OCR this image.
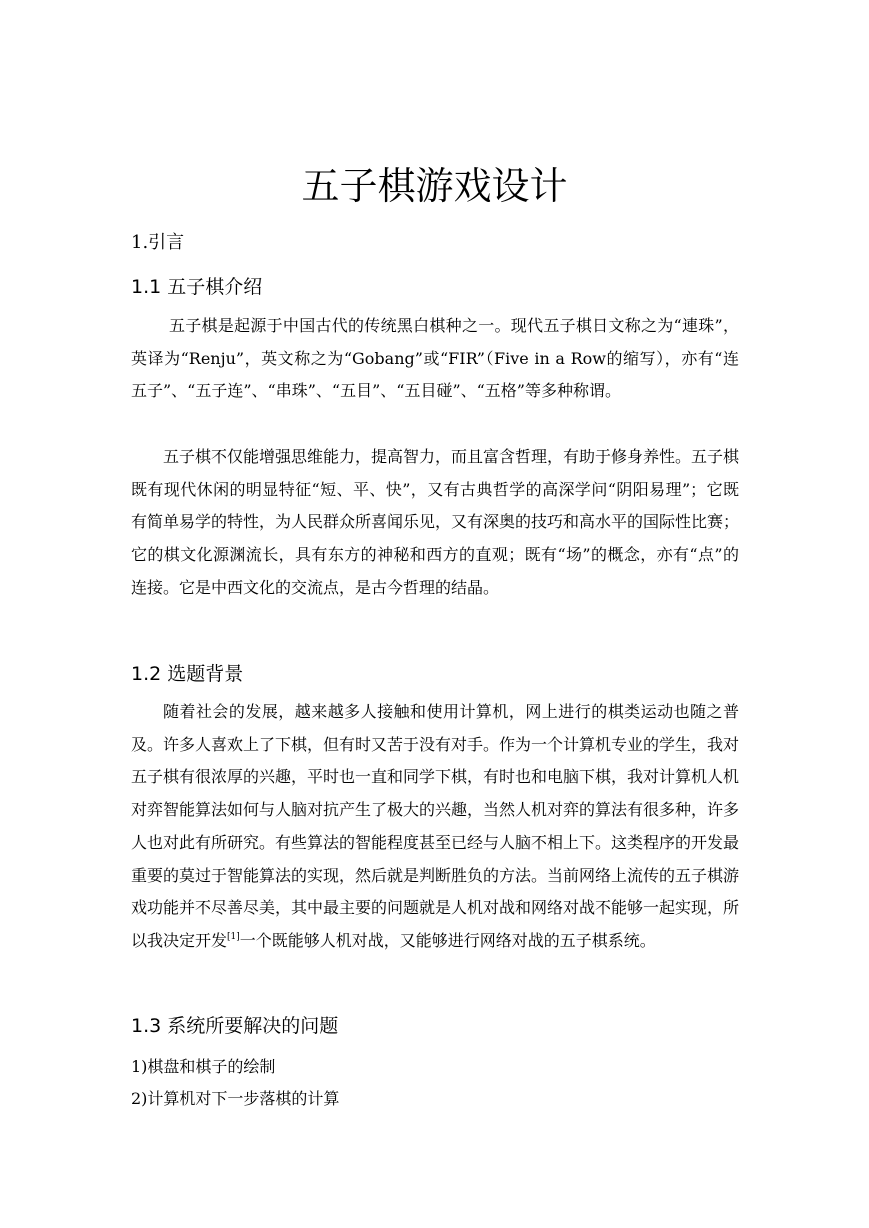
五子棋游戏设计
1.引言
1.1 五子棋介绍

五子棋是起源于中国古代的传统黑白棋种之一。现代五子棋日文称之为“連珠”，英译为“Renju”，英文称之为“Gobang”或“FIR”（Five in a Row的缩写），亦有“连五子”、“五子连”、“串珠”、“五目”、“五目碰”、“五格”等多种称谓。

五子棋不仅能增强思维能力，提高智力，而且富含哲理，有助于修身养性。五子棋既有现代休闲的明显特征“短、平、快”，又有古典哲学的高深学问“阴阳易理”；它既有简单易学的特性，为人民群众所喜闻乐见，又有深奥的技巧和高水平的国际性比赛；它的棋文化源渊流长，具有东方的神秘和西方的直观；既有“场”的概念，亦有“点”的连接。它是中西文化的交流点，是古今哲理的结晶。

1.2 选题背景

随着社会的发展，越来越多人接触和使用计算机，网上进行的棋类运动也随之普及。许多人喜欢上了下棋，但有时又苦于没有对手。作为一个计算机专业的学生，我对五子棋有很浓厚的兴趣，平时也一直和同学下棋，有时也和电脑下棋，我对计算机人机对弈智能算法如何与人脑对抗产生了极大的兴趣，当然人机对弈的算法有很多种，许多人也对此有所研究。有些算法的智能程度甚至已经与人脑不相上下。这类程序的开发最重要的莫过于智能算法的实现，然后就是判断胜负的方法。当前网络上流传的五子棋游戏功能并不尽善尽美，其中最主要的问题就是人机对战和网络对战不能够一起实现，所以我决定开发[1]一个既能够人机对战，又能够进行网络对战的五子棋系统。

1.3 系统所要解决的问题

1)棋盘和棋子的绘制

2)计算机对下一步落棋的计算
